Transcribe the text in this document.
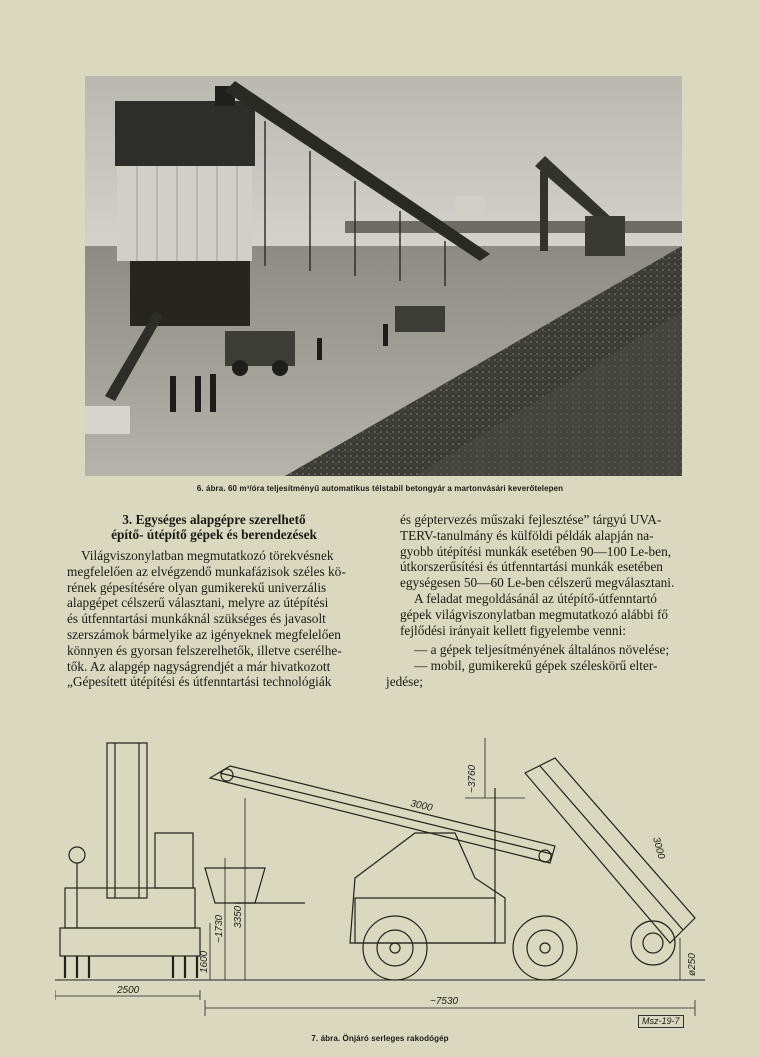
6. ábra. 60 m³/óra teljesítményű automatikus télstabil betongyár a martonvásári keverőtelepen

3. Egységes alapgépre szerelhető
építő- útépítő gépek és berendezések

Világviszonylatban megmutatkozó törekvésnek
megfelelően az elvégzendő munkafázisok széles kö-
rének gépesítésére olyan gumikerekű univerzális
alapgépet célszerű választani, melyre az útépítési
és útfenntartási munkáknál szükséges és javasolt
szerszámok bármelyike az igényeknek megfelelően
könnyen és gyorsan felszerelhetők, illetve cserélhe-
tők. Az alapgép nagyságrendjét a már hivatkozott
„Gépesített útépítési és útfenntartási technológiák

és géptervezés műszaki fejlesztése” tárgyú UVA-
TERV-tanulmány és külföldi példák alapján na-
gyobb útépítési munkák esetében 90—100 Le-ben,
útkorszerűsítési és útfenntartási munkák esetében
egységesen 50—60 Le-ben célszerű megválasztani.

A feladat megoldásánál az útépítő-útfenntartó
gépek világviszonylatban megmutatkozó alábbi fő
fejlődési irányait kellett figyelembe venni:

— a gépek teljesítményének általános növelése;

— mobil, gumikerekű gépek széleskörű elter-
jedése;

~3760
3000
3000
3350
~1730
1600
2500
~7530
ø250
Msz-19-7
7. ábra. Önjáró serleges rakodógép
